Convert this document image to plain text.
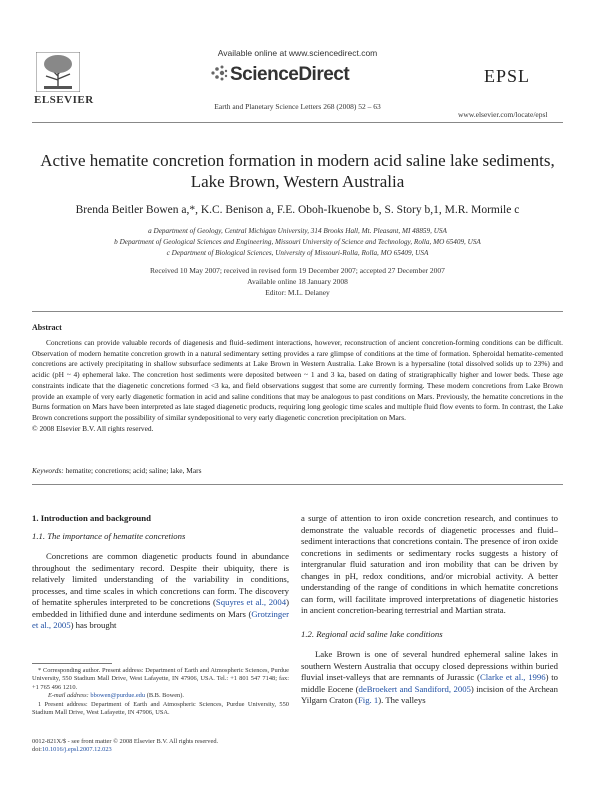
Available online at www.sciencedirect.com
ScienceDirect
Earth and Planetary Science Letters 268 (2008) 52 – 63
ELSEVIER
EPSL
www.elsevier.com/locate/epsl
Active hematite concretion formation in modern acid saline lake sediments,
Lake Brown, Western Australia
Brenda Beitler Bowen a,*, K.C. Benison a, F.E. Oboh-Ikuenobe b, S. Story b,1, M.R. Mormile c
a Department of Geology, Central Michigan University, 314 Brooks Hall, Mt. Pleasant, MI 48859, USA
b Department of Geological Sciences and Engineering, Missouri University of Science and Technology, Rolla, MO 65409, USA
c Department of Biological Sciences, University of Missouri-Rolla, Rolla, MO 65409, USA
Received 10 May 2007; received in revised form 19 December 2007; accepted 27 December 2007
Available online 18 January 2008
Editor: M.L. Delaney
Abstract
Concretions can provide valuable records of diagenesis and fluid–sediment interactions, however, reconstruction of ancient concretion-forming conditions can be difficult. Observation of modern hematite concretion growth in a natural sedimentary setting provides a rare glimpse of conditions at the time of formation. Spheroidal hematite-cemented concretions are actively precipitating in shallow subsurface sediments at Lake Brown in Western Australia. Lake Brown is a hypersaline (total dissolved solids up to 23%) and acidic (pH ~ 4) ephemeral lake. The concretion host sediments were deposited between ~ 1 and 3 ka, based on dating of stratigraphically higher and lower beds. These age constraints indicate that the diagenetic concretions formed <3 ka, and field observations suggest that some are currently forming. These modern concretions from Lake Brown provide an example of very early diagenetic formation in acid and saline conditions that may be analogous to past conditions on Mars. Previously, the hematite concretions in the Burns formation on Mars have been interpreted as late staged diagenetic products, requiring long geologic time scales and multiple fluid flow events to form. In contrast, the Lake Brown concretions support the possibility of similar syndepositional to very early diagenetic concretion precipitation on Mars.
© 2008 Elsevier B.V. All rights reserved.
Keywords: hematite; concretions; acid; saline; lake, Mars
1. Introduction and background
1.1. The importance of hematite concretions

Concretions are common diagenetic products found in abundance throughout the sedimentary record. Despite their ubiquity, there is relatively limited understanding of the variability in conditions, processes, and time scales in which concretions can form. The discovery of hematite spherules interpreted to be concretions (Squyres et al., 2004) embedded in lithified dune and interdune sediments on Mars (Grotzinger et al., 2005) has brought

* Corresponding author. Present address: Department of Earth and Atmospheric Sciences, Purdue University, 550 Stadium Mall Drive, West Lafayette, IN 47906, USA. Tel.: +1 801 547 7148; fax: +1 765 496 1210.
E-mail address: bbowen@purdue.edu (B.B. Bowen).
1 Present address: Department of Earth and Atmospheric Sciences, Purdue University, 550 Stadium Mall Drive, West Lafayette, IN 47906, USA.
0012-821X/$ - see front matter © 2008 Elsevier B.V. All rights reserved.
doi:10.1016/j.epsl.2007.12.023

a surge of attention to iron oxide concretion research, and continues to demonstrate the valuable records of diagenetic processes and fluid–sediment interactions that concretions contain. The presence of iron oxide concretions in sediments or sedimentary rocks suggests a history of intergranular fluid saturation and iron mobility that can be driven by changes in pH, redox conditions, and/or microbial activity. A better understanding of the range of conditions in which hematite concretions can form, will facilitate improved interpretations of diagenetic histories in ancient concretion-bearing terrestrial and Martian strata.

1.2. Regional acid saline lake conditions

Lake Brown is one of several hundred ephemeral saline lakes in southern Western Australia that occupy closed depressions within buried fluvial inset-valleys that are remnants of Jurassic (Clarke et al., 1996) to middle Eocene (deBroekert and Sandiford, 2005) incision of the Archean Yilgarn Craton (Fig. 1). The valleys
